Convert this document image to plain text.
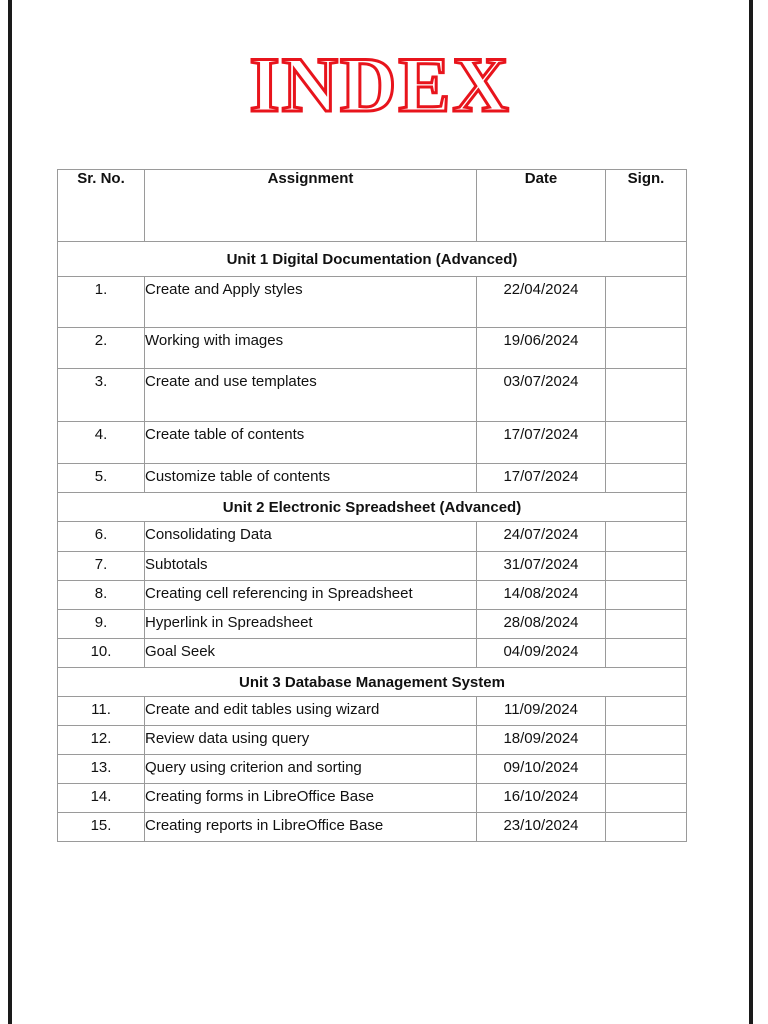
INDEX
Sr. No.	Assignment	Date	Sign.
Unit 1 Digital Documentation (Advanced)			

1.	Create and Apply styles	22/04/2024	

2.	Working with images	19/06/2024	

3.	Create and use templates	03/07/2024	

4.	Create table of contents	17/07/2024	

5.	Customize table of contents	17/07/2024	

Unit 2 Electronic Spreadsheet (Advanced)			

6.	Consolidating Data	24/07/2024	

7.	Subtotals	31/07/2024	

8.	Creating cell referencing in Spreadsheet	14/08/2024	

9.	Hyperlink in Spreadsheet	28/08/2024	

10.	Goal Seek	04/09/2024	

Unit 3 Database Management System			

11.	Create and edit tables using wizard	11/09/2024	

12.	Review data using query	18/09/2024	

13.	Query using criterion and sorting	09/10/2024	

14.	Creating forms in LibreOffice Base	16/10/2024	

15.	Creating reports in LibreOffice Base	23/10/2024	
